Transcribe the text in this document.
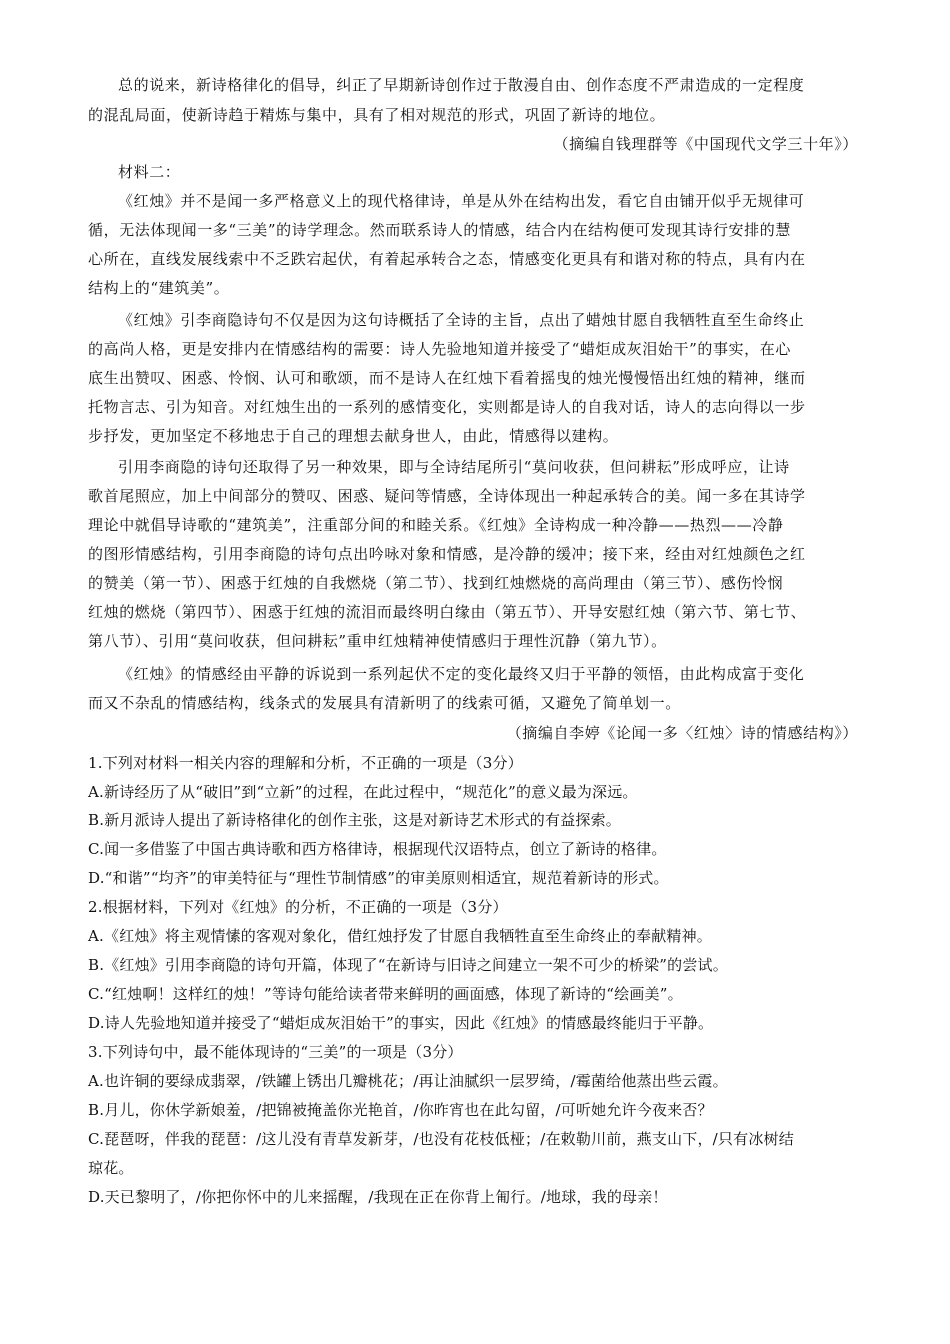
总的说来，新诗格律化的倡导，纠正了早期新诗创作过于散漫自由、创作态度不严肃造成的一定程度
的混乱局面，使新诗趋于精炼与集中，具有了相对规范的形式，巩固了新诗的地位。
（摘编自钱理群等《中国现代文学三十年》）
材料二：
《红烛》并不是闻一多严格意义上的现代格律诗，单是从外在结构出发，看它自由铺开似乎无规律可
循，无法体现闻一多“三美”的诗学理念。然而联系诗人的情感，结合内在结构便可发现其诗行安排的慧
心所在，直线发展线索中不乏跌宕起伏，有着起承转合之态，情感变化更具有和谐对称的特点，具有内在
结构上的“建筑美”。
《红烛》引李商隐诗句不仅是因为这句诗概括了全诗的主旨，点出了蜡烛甘愿自我牺牲直至生命终止
的高尚人格，更是安排内在情感结构的需要：诗人先验地知道并接受了“蜡炬成灰泪始干”的事实，在心
底生出赞叹、困惑、怜悯、认可和歌颂，而不是诗人在红烛下看着摇曳的烛光慢慢悟出红烛的精神，继而
托物言志、引为知音。对红烛生出的一系列的感情变化，实则都是诗人的自我对话，诗人的志向得以一步
步抒发，更加坚定不移地忠于自己的理想去献身世人，由此，情感得以建构。
引用李商隐的诗句还取得了另一种效果，即与全诗结尾所引“莫问收获，但问耕耘”形成呼应，让诗
歌首尾照应，加上中间部分的赞叹、困惑、疑问等情感，全诗体现出一种起承转合的美。闻一多在其诗学
理论中就倡导诗歌的“建筑美”，注重部分间的和睦关系。《红烛》全诗构成一种冷静——热烈——冷静
的图形情感结构，引用李商隐的诗句点出吟咏对象和情感，是冷静的缓冲；接下来，经由对红烛颜色之红
的赞美（第一节）、困惑于红烛的自我燃烧（第二节）、找到红烛燃烧的高尚理由（第三节）、感伤怜悯
红烛的燃烧（第四节）、困惑于红烛的流泪而最终明白缘由（第五节）、开导安慰红烛（第六节、第七节、
第八节）、引用“莫问收获，但问耕耘”重申红烛精神使情感归于理性沉静（第九节）。
《红烛》的情感经由平静的诉说到一系列起伏不定的变化最终又归于平静的领悟，由此构成富于变化
而又不杂乱的情感结构，线条式的发展具有清新明了的线索可循，又避免了简单划一。
（摘编自李婷《论闻一多〈红烛〉诗的情感结构》）
1.下列对材料一相关内容的理解和分析，不正确的一项是（3分）
A.新诗经历了从“破旧”到“立新”的过程，在此过程中，“规范化”的意义最为深远。
B.新月派诗人提出了新诗格律化的创作主张，这是对新诗艺术形式的有益探索。
C.闻一多借鉴了中国古典诗歌和西方格律诗，根据现代汉语特点，创立了新诗的格律。
D.“和谐”“均齐”的审美特征与“理性节制情感”的审美原则相适宜，规范着新诗的形式。
2.根据材料，下列对《红烛》的分析，不正确的一项是（3分）
A.《红烛》将主观情愫的客观对象化，借红烛抒发了甘愿自我牺牲直至生命终止的奉献精神。
B.《红烛》引用李商隐的诗句开篇，体现了“在新诗与旧诗之间建立一架不可少的桥梁”的尝试。
C.“红烛啊！这样红的烛！”等诗句能给读者带来鲜明的画面感，体现了新诗的“绘画美”。
D.诗人先验地知道并接受了“蜡炬成灰泪始干”的事实，因此《红烛》的情感最终能归于平静。
3.下列诗句中，最不能体现诗的“三美”的一项是（3分）
A.也许铜的要绿成翡翠，/铁罐上锈出几瓣桃花；/再让油腻织一层罗绮，/霉菌给他蒸出些云霞。
B.月儿，你休学新娘羞，/把锦被掩盖你光艳首，/你昨宵也在此勾留，/可听她允许今夜来否？
C.琵琶呀，伴我的琵琶：/这儿没有青草发新芽，/也没有花枝低桠；/在敕勒川前，燕支山下，/只有冰树结
琼花。
D.天已黎明了，/你把你怀中的儿来摇醒，/我现在正在你背上匍行。/地球，我的母亲！
